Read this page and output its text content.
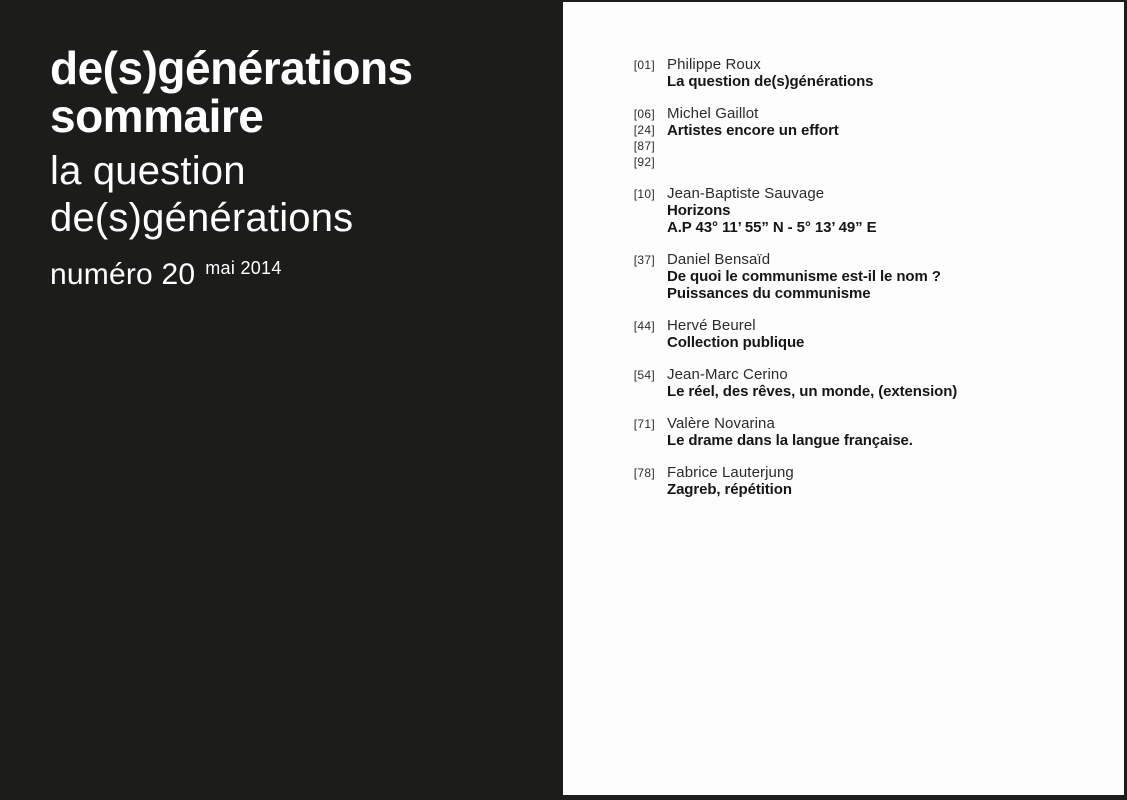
de(s)générations
sommaire
la question
de(s)générations
numéro 20 $^{mai 2014}$
[01] Philippe Roux
La question de(s)générations
[06]
[24]
[87]
[92]
Michel Gaillot
Artistes encore un effort
[10] Jean-Baptiste Sauvage
Horizons
A.P 43° 11’ 55” N - 5° 13’ 49” E
[37] Daniel Bensaïd
De quoi le communisme est-il le nom ?
Puissances du communisme
[44] Hervé Beurel
Collection publique
[54] Jean-Marc Cerino
Le réel, des rêves, un monde, (extension)
[71] Valère Novarina
Le drame dans la langue française.
[78] Fabrice Lauterjung
Zagreb, répétition
